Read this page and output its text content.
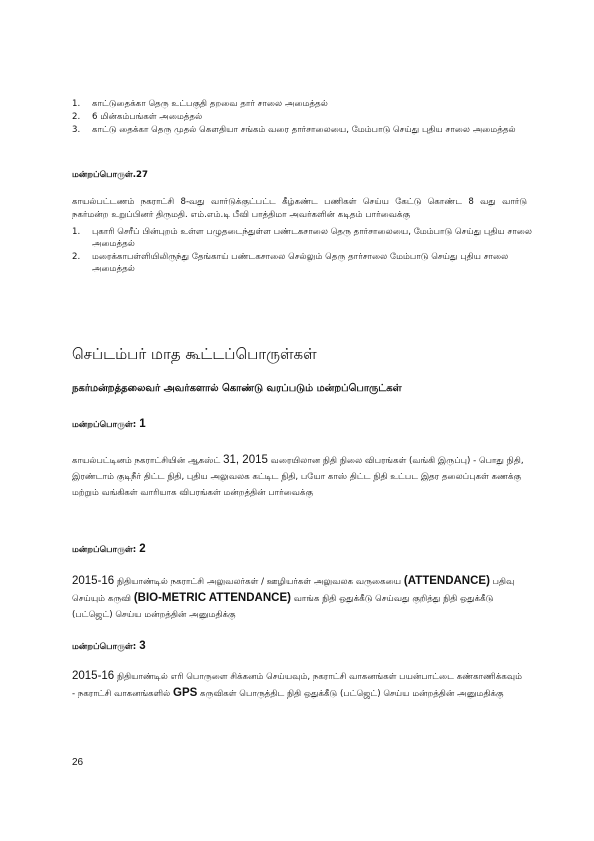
1. காட்டுதைக்கா தெரு உட்பகுதி தறவை தார் சாலை அமைத்தல்
2. 6 மின்கம்பங்கள் அமைத்தல்
3. காட்டு தைக்கா தெரு முதல் கௌதியா சங்கம் வரை தார்சாலையை, மேம்பாடு செய்து புதிய சாலை அமைத்தல்
மன்றப்பொருள்.27
காயல்பட்டணம் நகராட்சி 8-வது வார்டுக்குட்பட்ட கீழ்கண்ட பணிகள் செய்ய கேட்டு கொண்ட 8 வது வார்டு நகர்மன்ற உறுப்பினர் திருமதி. எம்.எம்.டி பீவி பாத்திமா அவர்களின் கடிதம் பார்வைக்கு
1. புகாரி செரீப் பின்புறம் உள்ள பழுதடைந்துள்ள பண்டகசாலை தெரு தார்சாலையை, மேம்பாடு செய்து புதிய சாலை அமைத்தல்
2. மரைக்காபள்ளியிலிருந்து தேங்காய் பண்டகசாலை செல்லும் தெரு தார்சாலை மேம்பாடு செய்து புதிய சாலை அமைத்தல்
செப்டம்பர் மாத கூட்டப்பொருள்கள்
நகர்மன்றத்தலைவர் அவர்களால் கொண்டு வரப்படும் மன்றப்பொருட்கள்
மன்றப்பொருள்: 1
காயல்பட்டினம் நகராட்சியின் ஆகஸ்ட் 31, 2015 வரையிலான நிதி நிலை விபரங்கள் (வங்கி இருப்பு) - பொது நிதி, இரண்டாம் குடிநீர் திட்ட நிதி, புதிய அலுவலக கட்டிட நிதி, பயோ காஸ் திட்ட நிதி உட்பட இதர தலைப்புகள் கணக்கு மற்றும் வங்கிகள் வாரியாக விபரங்கள் மன்றத்தின் பார்வைக்கு
மன்றப்பொருள்: 2
2015-16 நிதியாண்டில் நகராட்சி அலுவலர்கள் / ஊழியர்கள் அலுவலக வருகையை (ATTENDANCE) பதிவு செய்யும் கருவி (BIO-METRIC ATTENDANCE) வாங்க நிதி ஒதுக்கீடு செய்வது குறித்து நிதி ஒதுக்கீடு (பட்ஜெட்) செய்ய மன்றத்தின் அனுமதிக்கு
மன்றப்பொருள்: 3
2015-16 நிதியாண்டில் எரி பொருளை சிக்கனம் செய்யவும், நகராட்சி வாகனங்கள் பயன்பாட்டை கண்காணிக்கவும் - நகராட்சி வாகனங்களில் GPS கருவிகள் பொருத்திட நிதி ஒதுக்கீடு (பட்ஜெட்) செய்ய மன்றத்தின் அனுமதிக்கு
26
